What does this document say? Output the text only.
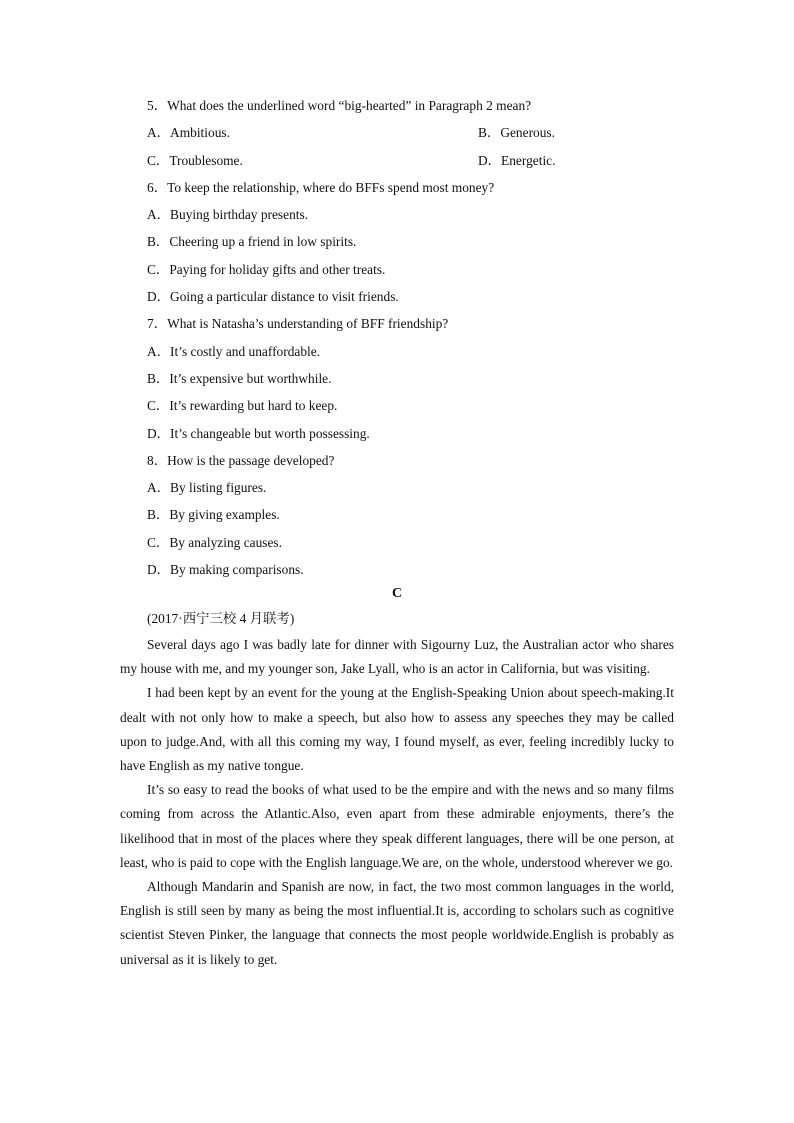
5．What does the underlined word “big-hearted” in Paragraph 2 mean?
A．Ambitious.	B．Generous.
C．Troublesome.	D．Energetic.
6．To keep the relationship, where do BFFs spend most money?
A．Buying birthday presents.
B．Cheering up a friend in low spirits.
C．Paying for holiday gifts and other treats.
D．Going a particular distance to visit friends.
7．What is Natasha’s understanding of BFF friendship?
A．It’s costly and unaffordable.
B．It’s expensive but worthwhile.
C．It’s rewarding but hard to keep.
D．It’s changeable but worth possessing.
8．How is the passage developed?
A．By listing figures.
B．By giving examples.
C．By analyzing causes.
D．By making comparisons.
C
(2017·西宁三校 4 月联考)

Several days ago I was badly late for dinner with Sigourny Luz, the Australian actor who shares my house with me, and my younger son, Jake Lyall, who is an actor in California, but was visiting.

I had been kept by an event for the young at the English-Speaking Union about speech-making.It dealt with not only how to make a speech, but also how to assess any speeches they may be called upon to judge.And, with all this coming my way, I found myself, as ever, feeling incredibly lucky to have English as my native tongue.

It’s so easy to read the books of what used to be the empire and with the news and so many films coming from across the Atlantic.Also, even apart from these admirable enjoyments, there’s the likelihood that in most of the places where they speak different languages, there will be one person, at least, who is paid to cope with the English language.We are, on the whole, understood wherever we go.

Although Mandarin and Spanish are now, in fact, the two most common languages in the world, English is still seen by many as being the most influential.It is, according to scholars such as cognitive scientist Steven Pinker, the language that connects the most people worldwide.English is probably as universal as it is likely to get.
